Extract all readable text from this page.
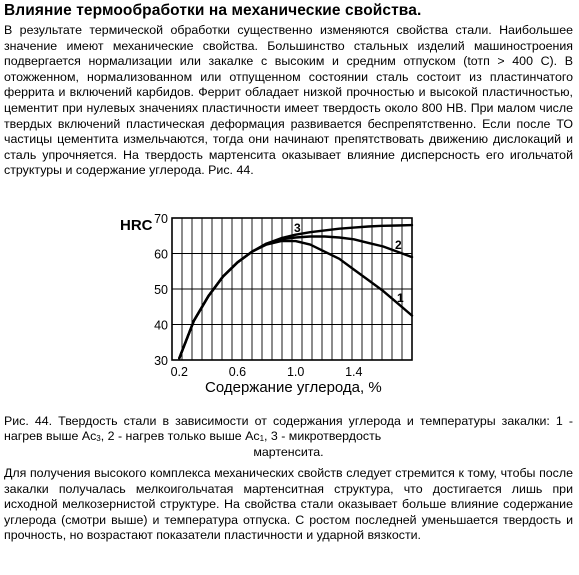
Влияние термообработки на механические свойства.

В результате термической обработки существенно изменяются свойства стали. Наибольшее значение имеют механические свойства. Большинство стальных изделий машиностроения подвергается нормализации или закалке с высоким и средним отпуском (tотп > 400 C). В отожженном, нормализованном или отпущенном состоянии сталь состоит из пластинчатого феррита и включений карбидов. Феррит обладает низкой прочностью и высокой пластичностью, цементит при нулевых значениях пластичности имеет твердость около 800 HB. При малом числе твердых включений пластическая деформация развивается беспрепятственно. Если после ТО частицы цементита измельчаются, тогда они начинают препятствовать движению дислокаций и сталь упрочняется. На твердость мартенсита оказывает влияние дисперсность его игольчатой структуры и содержание углерода. Рис. 44.

30
40
50
60
70
0.2	0.6	1.0	1.4
HRC
Содержание углерода, %
1
2
3

Рис. 44. Твердость стали в зависимости от содержания углерода и температуры закалки: 1 - нагрев выше $Ac_3$, 2 - нагрев только выше $Ac_1$, 3 - микротвердость
мартенсита.

Для получения высокого комплекса механических свойств следует стремится к тому, чтобы после закалки получалась мелкоигольчатая мартенситная структура, что достигается лишь при исходной мелкозернистой структуре. На свойства стали оказывает больше влияние содержание углерода (смотри выше) и температура отпуска. С ростом последней уменьшается твердость и прочность, но возрастают показатели пластичности и ударной вязкости.
